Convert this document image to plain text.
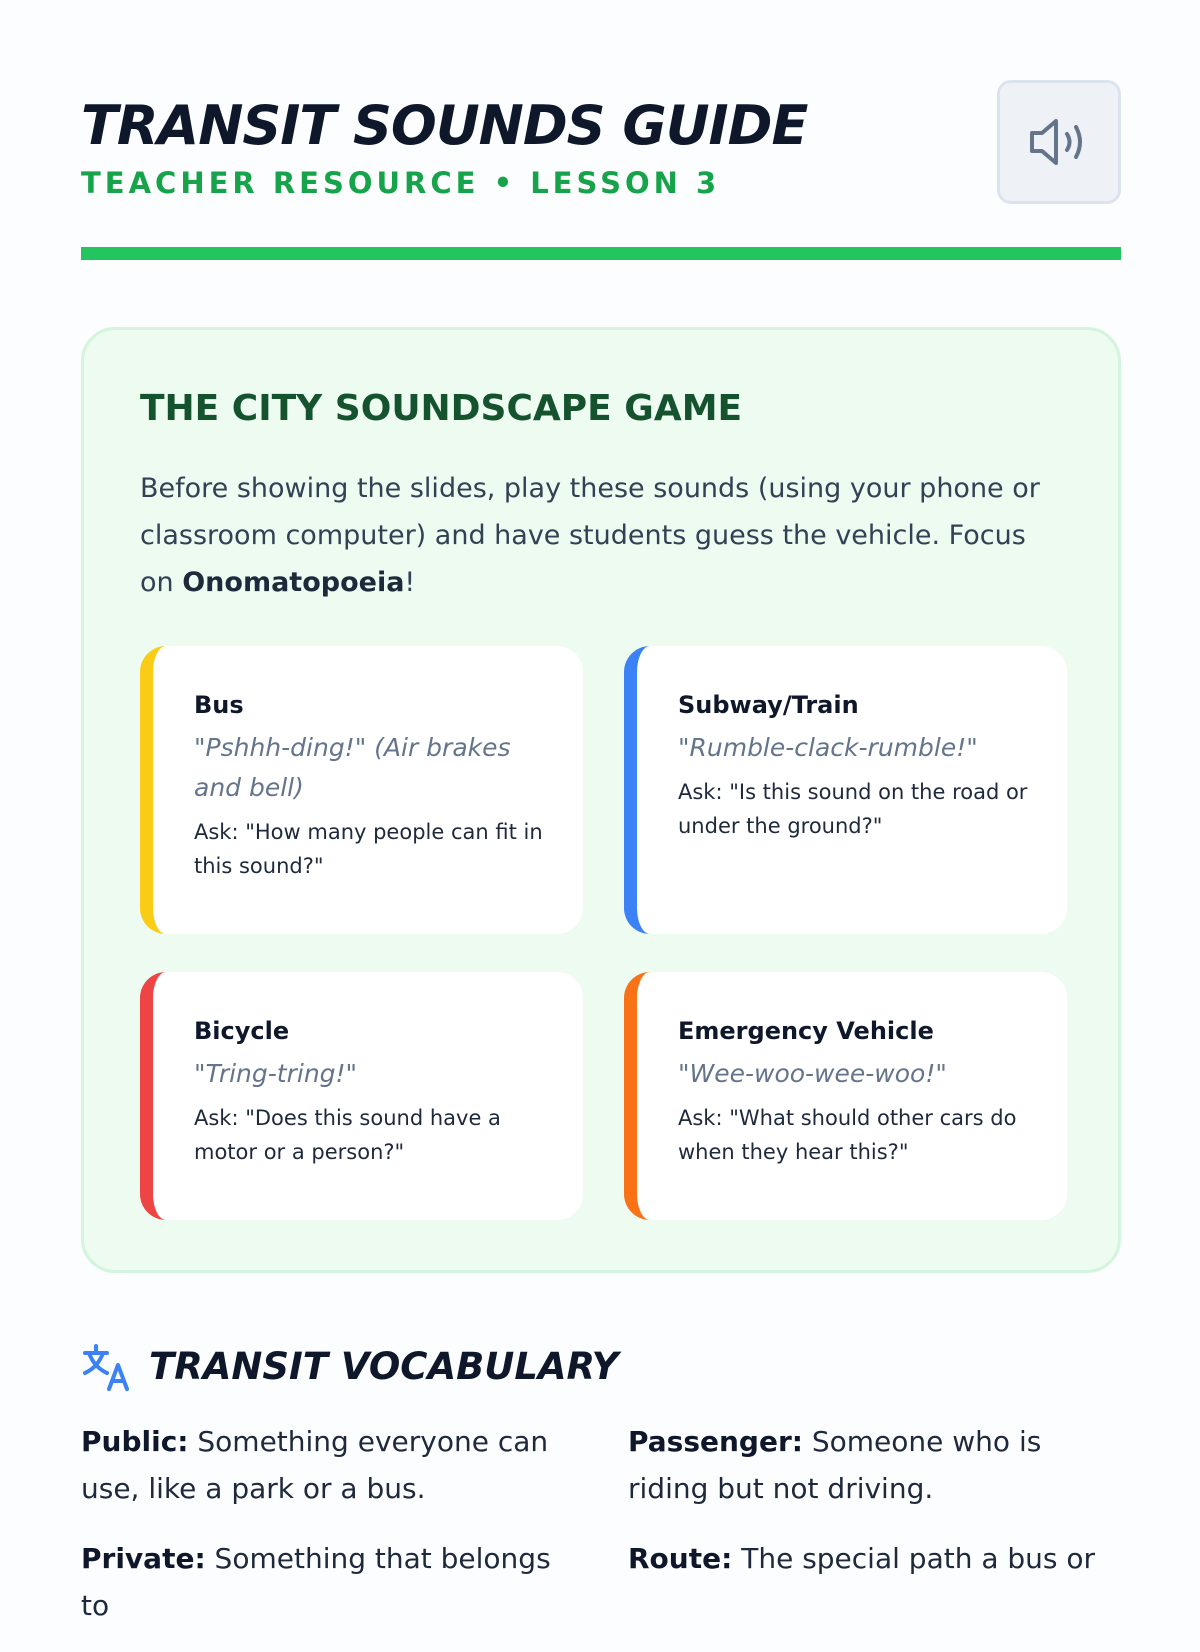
TRANSIT SOUNDS GUIDE

TEACHER RESOURCE • LESSON 3

THE CITY SOUNDSCAPE GAME

Before showing the slides, play these sounds (using your phone or classroom computer) and have students guess the vehicle. Focus on Onomatopoeia!

Bus

"Pshhh-ding!" (Air brakes and bell)

Ask: "How many people can fit in this sound?"

Subway/Train

"Rumble-clack-rumble!"

Ask: "Is this sound on the road or under the ground?"

Bicycle

"Tring-tring!"

Ask: "Does this sound have a motor or a person?"

Emergency Vehicle

"Wee-woo-wee-woo!"

Ask: "What should other cars do when they hear this?"

TRANSIT VOCABULARY

Public: Something everyone can use, like a park or a bus.

Private: Something that belongs to

Passenger: Someone who is riding but not driving.

Route: The special path a bus or
